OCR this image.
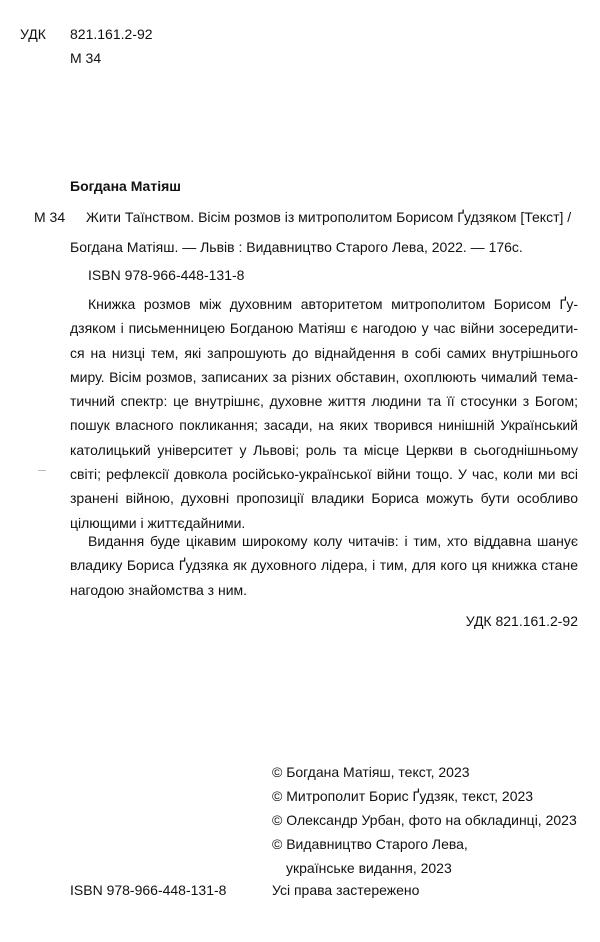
УДК 821.161.2-92
М 34
Богдана Матіяш
М 34 Жити Таїнством. Вісім розмов із митрополитом Борисом Ґудзяком [Текст] /
Богдана Матіяш. — Львів : Видавництво Старого Лева, 2022. — 176с.
ISBN 978-966-448-131-8
Книжка розмов між духовним авторитетом митрополитом Борисом Ґу-
дзяком і письменницею Богданою Матіяш є нагодою у час війни зосередити-
ся на низці тем, які запрошують до віднайдення в собі самих внутрішнього
миру. Вісім розмов, записаних за різних обставин, охоплюють чималий тема-
тичний спектр: це внутрішнє, духовне життя людини та її стосунки з Богом;
пошук власного покликання; засади, на яких творився нинішній Український
католицький університет у Львові; роль та місце Церкви в сьогоднішньому
світі; рефлексії довкола російсько-української війни тощо. У час, коли ми всі
зранені війною, духовні пропозиції владики Бориса можуть бути особливо
цілющими і життєдайними.
Видання буде цікавим широкому колу читачів: і тим, хто віддавна шанує
владику Бориса Ґудзяка як духовного лідера, і тим, для кого ця книжка стане
нагодою знайомства з ним.
УДК 821.161.2-92
© Богдана Матіяш, текст, 2023
© Митрополит Борис Ґудзяк, текст, 2023
© Олександр Урбан, фото на обкладинці, 2023
© Видавництво Старого Лева,
українське видання, 2023
ISBN 978-966-448-131-8	Усі права застережено
